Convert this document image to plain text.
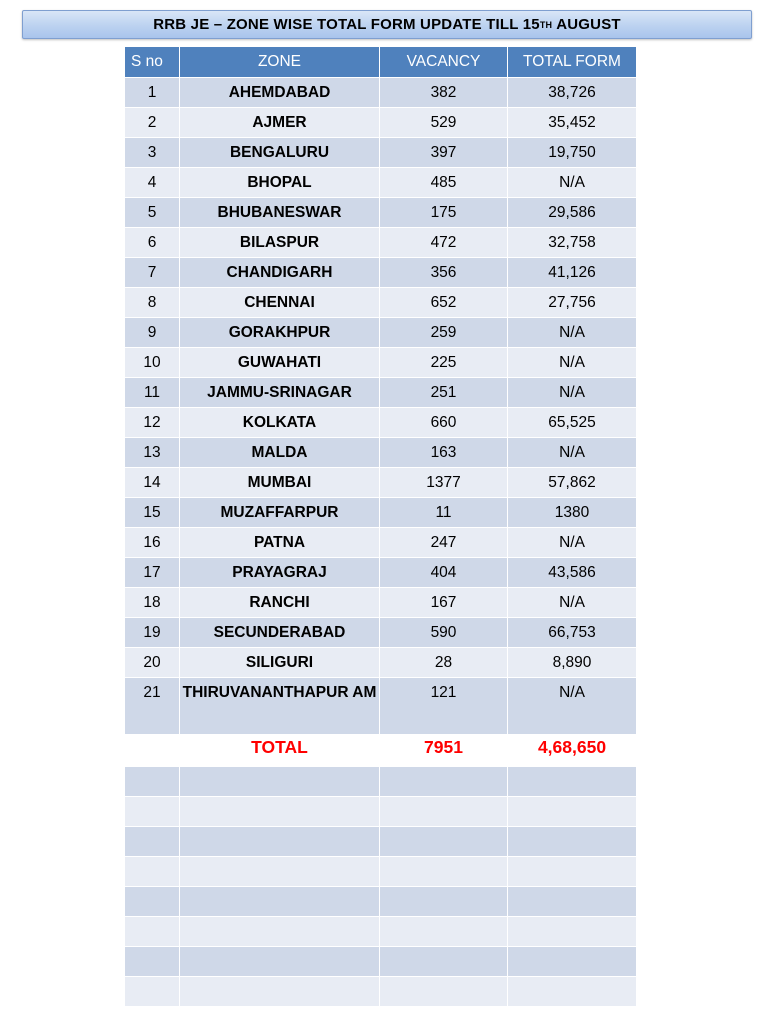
RRB JE – ZONE WISE TOTAL FORM UPDATE TILL 15 TH AUGUST
S no	ZONE	VACANCY	TOTAL FORM
1	AHEMDABAD	382	38,726
2	AJMER	529	35,452
3	BENGALURU	397	19,750
4	BHOPAL	485	N/A
5	BHUBANESWAR	175	29,586
6	BILASPUR	472	32,758
7	CHANDIGARH	356	41,126
8	CHENNAI	652	27,756
9	GORAKHPUR	259	N/A
10	GUWAHATI	225	N/A
11	JAMMU-SRINAGAR	251	N/A
12	KOLKATA	660	65,525
13	MALDA	163	N/A
14	MUMBAI	1377	57,862
15	MUZAFFARPUR	11	1380
16	PATNA	247	N/A
17	PRAYAGRAJ	404	43,586
18	RANCHI	167	N/A
19	SECUNDERABAD	590	66,753
20	SILIGURI	28	8,890
21	THIRUVANANTHAPUR AM	121	N/A
	TOTAL	7951	4,68,650
